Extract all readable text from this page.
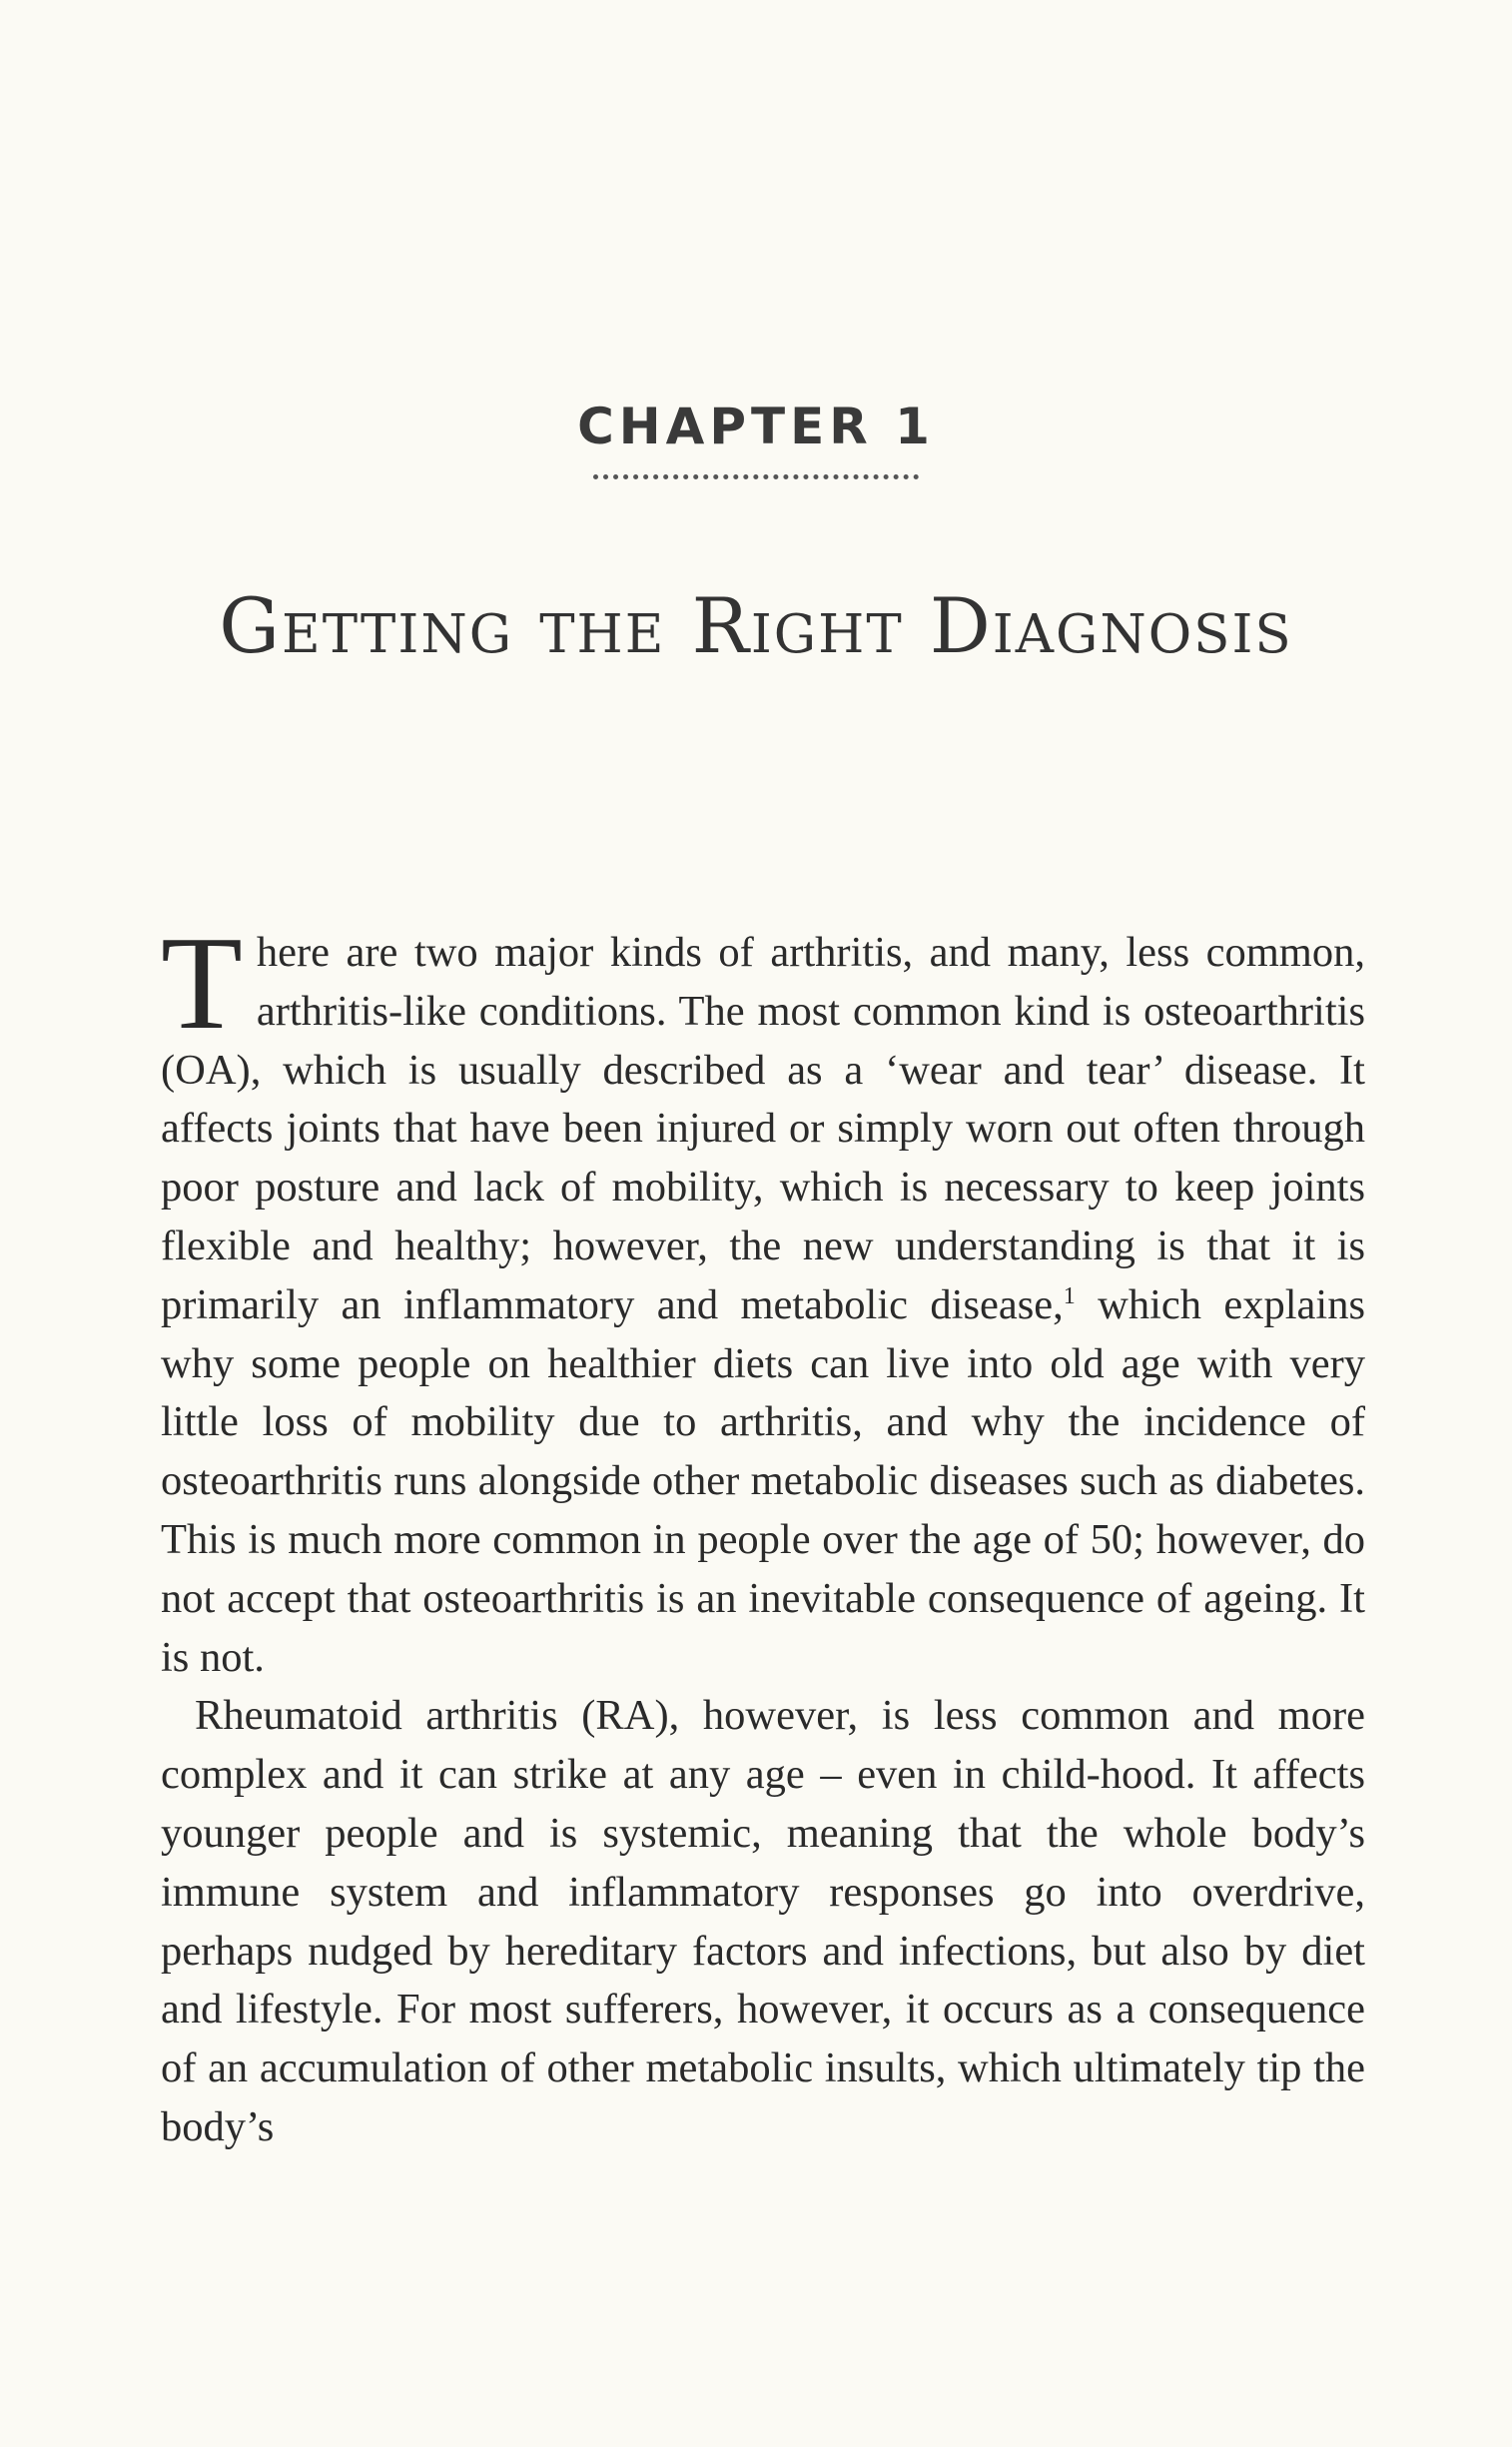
CHAPTER 1
Getting the Right Diagnosis

There are two major kinds of arthritis, and many, less common, arthritis-like conditions. The most common kind is osteoarthritis (OA), which is usually described as a ‘wear and tear’ disease. It affects joints that have been injured or simply worn out often through poor posture and lack of mobility, which is necessary to keep joints flexible and healthy; however, the new understanding is that it is primarily an inflammatory and metabolic disease,$^1$ which explains why some people on healthier diets can live into old age with very little loss of mobility due to arthritis, and why the incidence of osteoarthritis runs alongside other metabolic diseases such as diabetes. This is much more common in people over the age of 50; however, do not accept that osteoarthritis is an inevitable consequence of ageing. It is not.

Rheumatoid arthritis (RA), however, is less common and more complex and it can strike at any age – even in child-hood. It affects younger people and is systemic, meaning that the whole body’s immune system and inflammatory responses go into overdrive, perhaps nudged by hereditary factors and infections, but also by diet and lifestyle. For most sufferers, however, it occurs as a consequence of an accumulation of other metabolic insults, which ultimately tip the body’s
